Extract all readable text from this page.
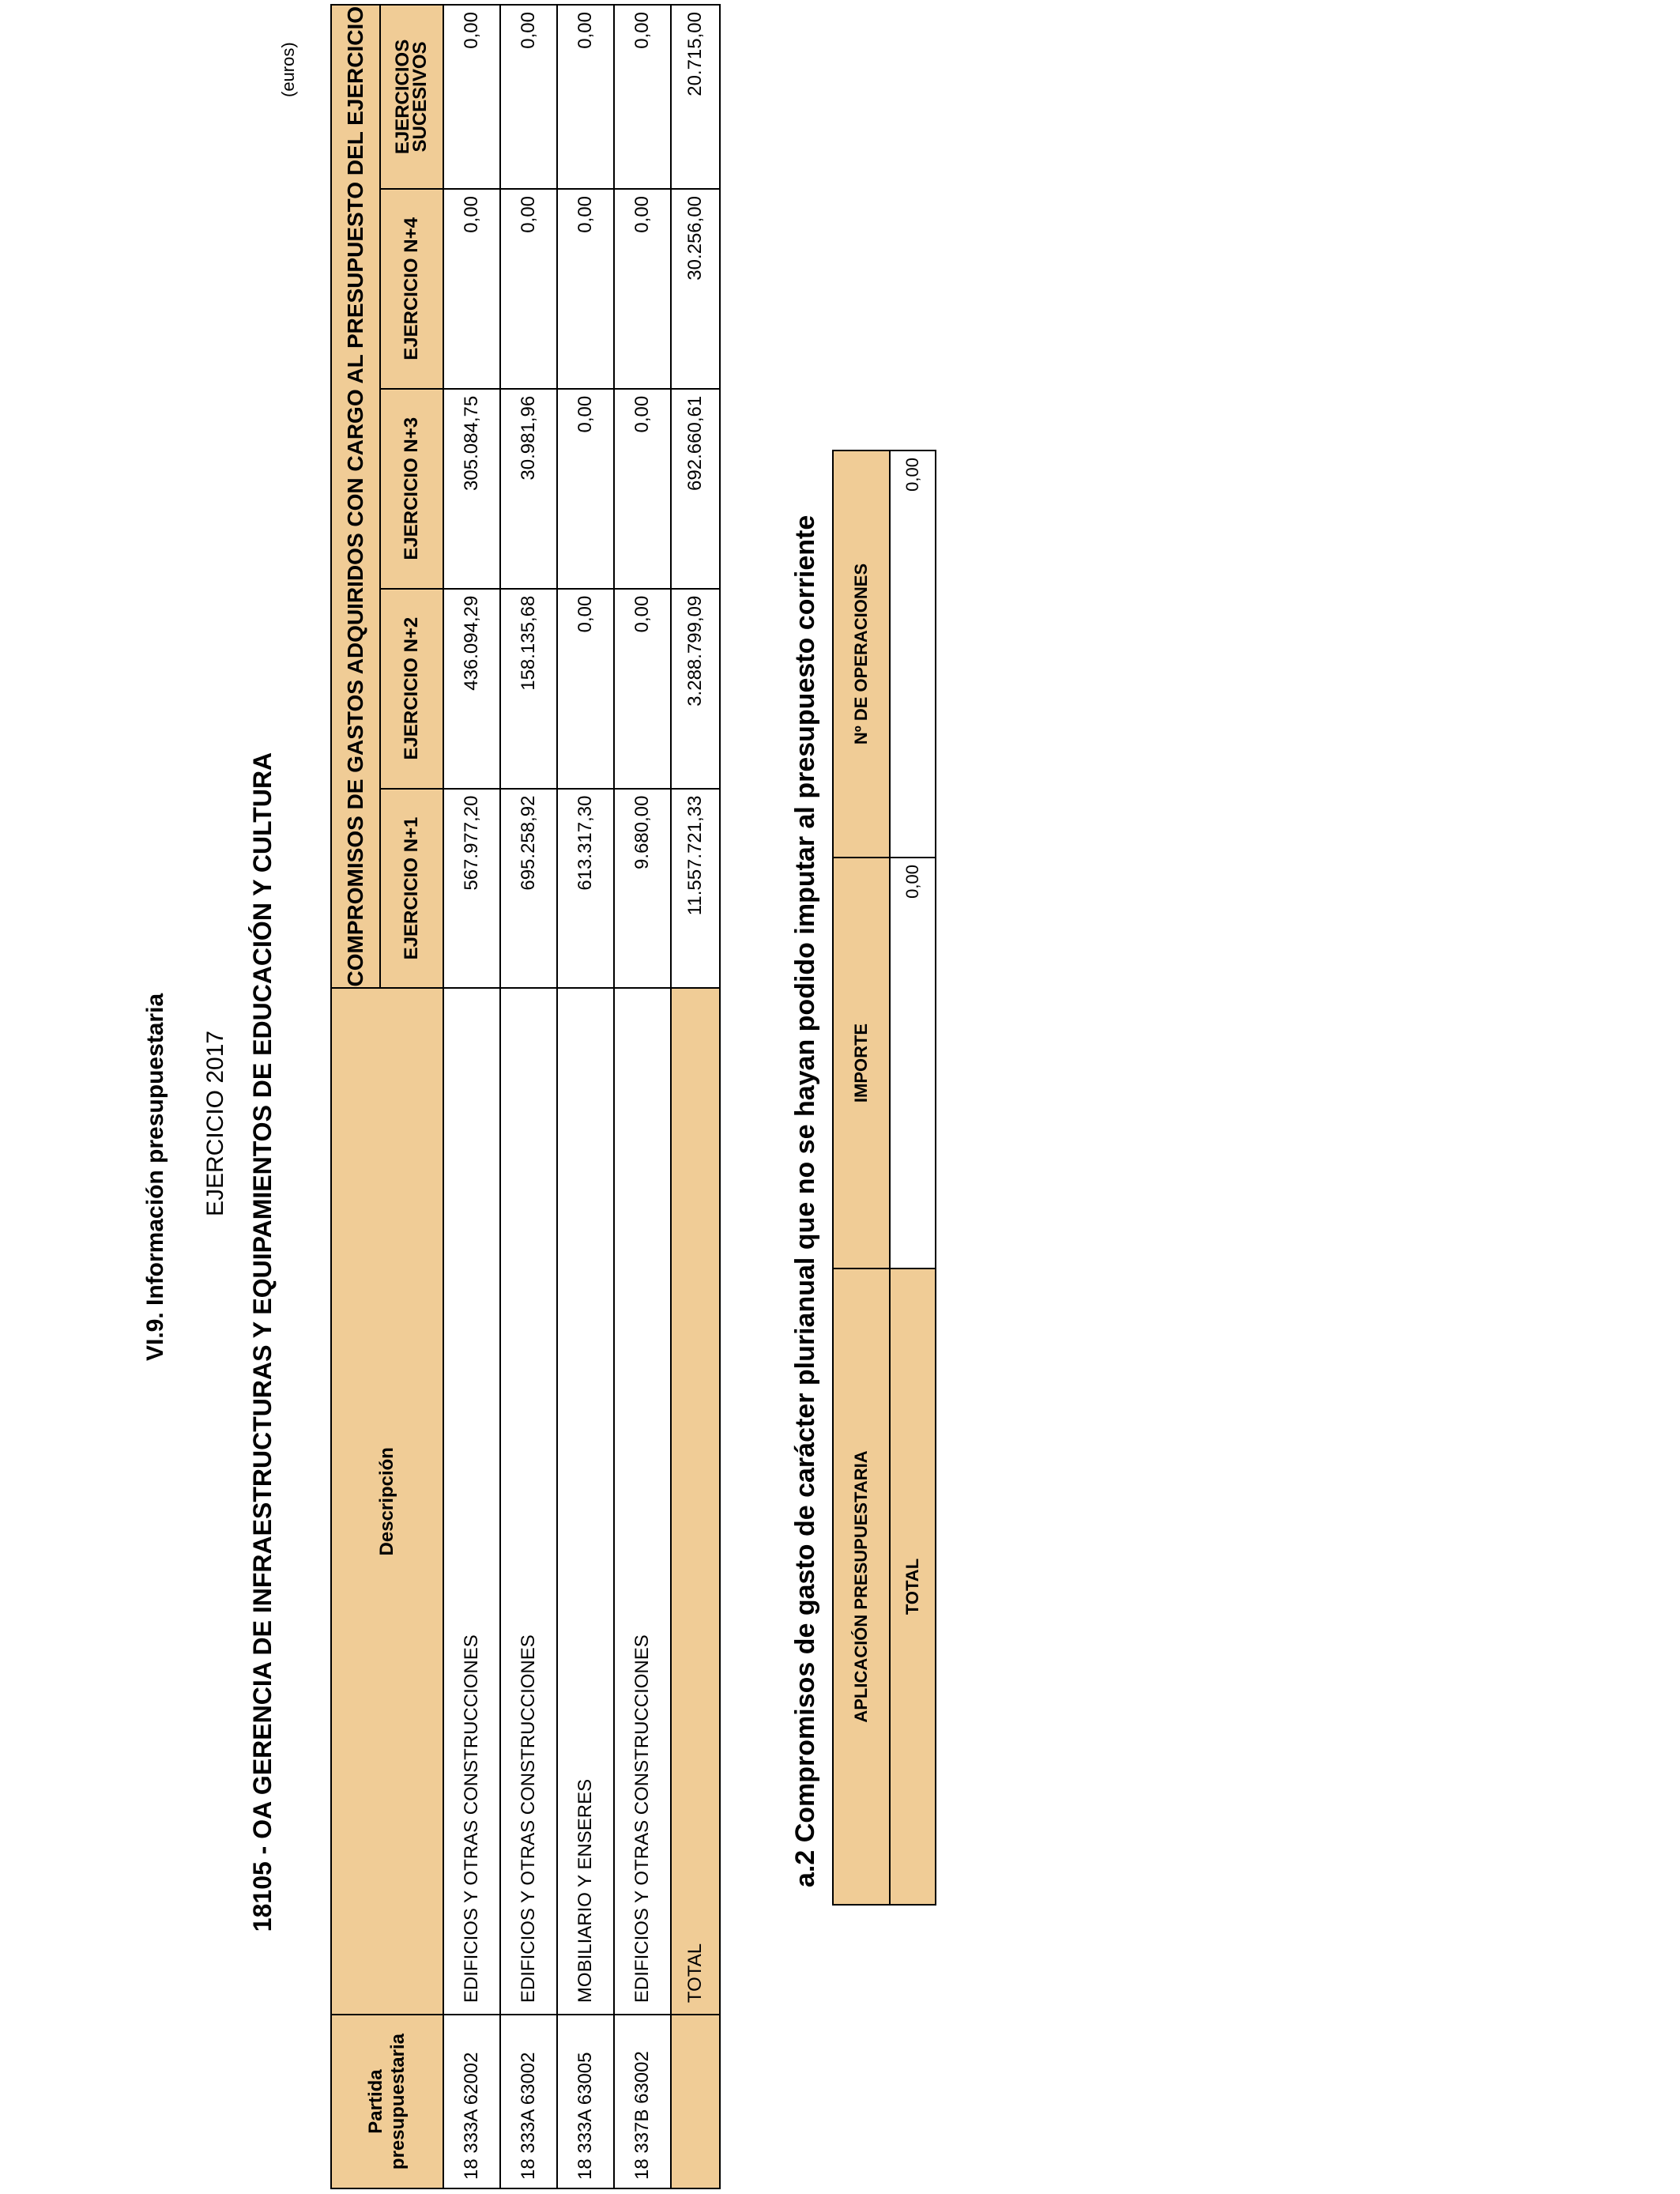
VI.9. Información presupuestaria EJERCICIO 2017 18105 - OA GERENCIA DE INFRAESTRUCTURAS Y EQUIPAMIENTOS DE EDUCACIÓN Y CULTURA
(euros)
Partida presupuestaria	Descripción	COMPROMISOS DE GASTOS ADQUIRIDOS CON CARGO AL PRESUPUESTO DEL EJERCICIO				
		EJERCICIO N+1	EJERCICIO N+2	EJERCICIO N+3	EJERCICIO N+4	EJERCICIOS SUCESIVOS
18 333A 62002	EDIFICIOS Y OTRAS CONSTRUCCIONES	567.977,20	436.094,29	305.084,75	0,00	0,00
18 333A 63002	EDIFICIOS Y OTRAS CONSTRUCCIONES	695.258,92	158.135,68	30.981,96	0,00	0,00
18 333A 63005	MOBILIARIO Y ENSERES	613.317,30	0,00	0,00	0,00	0,00
18 337B 63002	EDIFICIOS Y OTRAS CONSTRUCCIONES	9.680,00	0,00	0,00	0,00	0,00
	TOTAL	11.557.721,33	3.288.799,09	692.660,61	30.256,00	20.715,00
a.2 Compromisos de gasto de carácter plurianual que no se hayan podido imputar al presupuesto corriente APLICACIÓN PRESUPUESTARIA	IMPORTE	Nº DE OPERACIONES
TOTAL	0,00	0,00
